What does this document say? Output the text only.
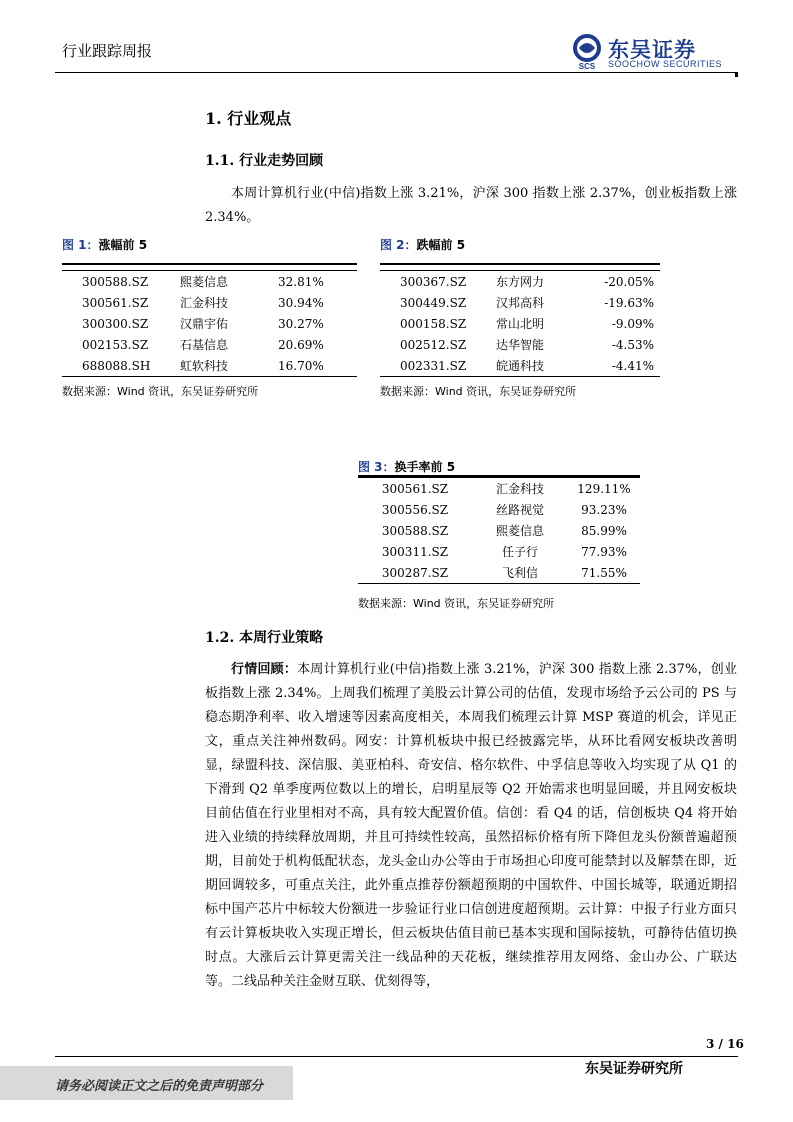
行业跟踪周报
SCS
东吴证券
SOOCHOW SECURITIES
1. 行业观点
1.1. 行业走势回顾
本周计算机行业(中信)指数上涨 3.21%，沪深 300 指数上涨 2.37%，创业板指数上涨 2.34%。
图 1：涨幅前 5
300588.SZ	熙菱信息	32.81%
300561.SZ	汇金科技	30.94%
300300.SZ	汉鼎宇佑	30.27%
002153.SZ	石基信息	20.69%
688088.SH	虹软科技	16.70%
数据来源：Wind 资讯，东吴证券研究所
图 2：跌幅前 5
300367.SZ	东方网力	-20.05%
300449.SZ	汉邦高科	-19.63%
000158.SZ	常山北明	-9.09%
002512.SZ	达华智能	-4.53%
002331.SZ	皖通科技	-4.41%
数据来源：Wind 资讯，东吴证券研究所
图 3：换手率前 5
300561.SZ	汇金科技	129.11%
300556.SZ	丝路视觉	93.23%
300588.SZ	熙菱信息	85.99%
300311.SZ	任子行	77.93%
300287.SZ	飞利信	71.55%
数据来源：Wind 资讯，东吴证券研究所
1.2. 本周行业策略
行情回顾：本周计算机行业(中信)指数上涨 3.21%，沪深 300 指数上涨 2.37%，创业板指数上涨 2.34%。上周我们梳理了美股云计算公司的估值，发现市场给予云公司的 PS 与稳态期净利率、收入增速等因素高度相关，本周我们梳理云计算 MSP 赛道的机会，详见正文，重点关注神州数码。网安：计算机板块中报已经披露完毕，从环比看网安板块改善明显，绿盟科技、深信服、美亚柏科、奇安信、格尔软件、中孚信息等收入均实现了从 Q1 的下滑到 Q2 单季度两位数以上的增长，启明星辰等 Q2 开始需求也明显回暖，并且网安板块目前估值在行业里相对不高，具有较大配置价值。信创：看 Q4 的话，信创板块 Q4 将开始进入业绩的持续释放周期，并且可持续性较高，虽然招标价格有所下降但龙头份额普遍超预期，目前处于机构低配状态，龙头金山办公等由于市场担心印度可能禁封以及解禁在即，近期回调较多，可重点关注，此外重点推荐份额超预期的中国软件、中国长城等，联通近期招标中国产芯片中标较大份额进一步验证行业口信创进度超预期。云计算：中报子行业方面只有云计算板块收入实现正增长，但云板块估值目前已基本实现和国际接轨，可静待估值切换时点。大涨后云计算更需关注一线品种的天花板，继续推荐用友网络、金山办公、广联达等。二线品种关注金财互联、优刻得等，
3 / 16
东吴证券研究所
请务必阅读正文之后的免责声明部分
